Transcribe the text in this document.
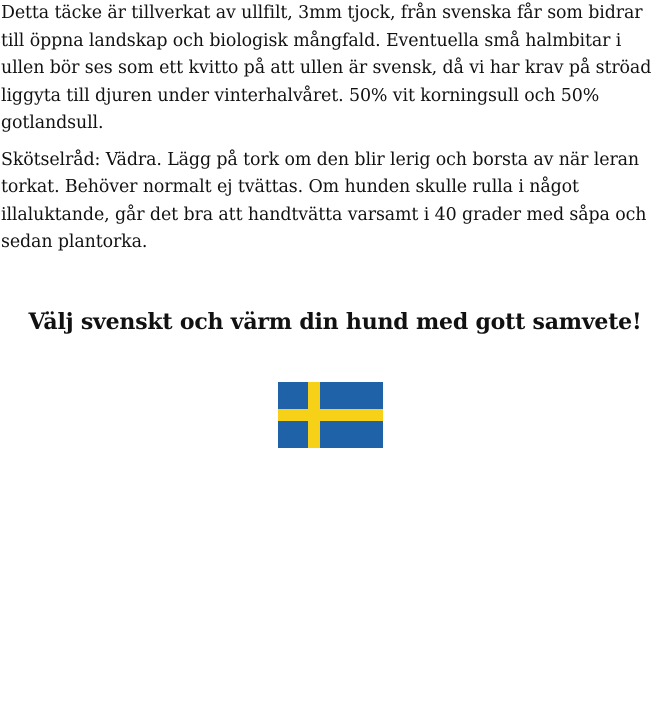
Detta täcke är tillverkat av ullfilt, 3mm tjock, från svenska får som bidrar till öppna landskap och biologisk mångfald. Eventuella små halmbitar i ullen bör ses som ett kvitto på att ullen är svensk, då vi har krav på ströad liggyta till djuren under vinterhalvåret. 50% vit korningsull och 50% gotlandsull.

Skötselråd: Vädra. Lägg på tork om den blir lerig och borsta av när leran torkat. Behöver normalt ej tvättas. Om hunden skulle rulla i något illaluktande, går det bra att handtvätta varsamt i 40 grader med såpa och sedan plantorka.

Välj svenskt och värm din hund med gott samvete!
